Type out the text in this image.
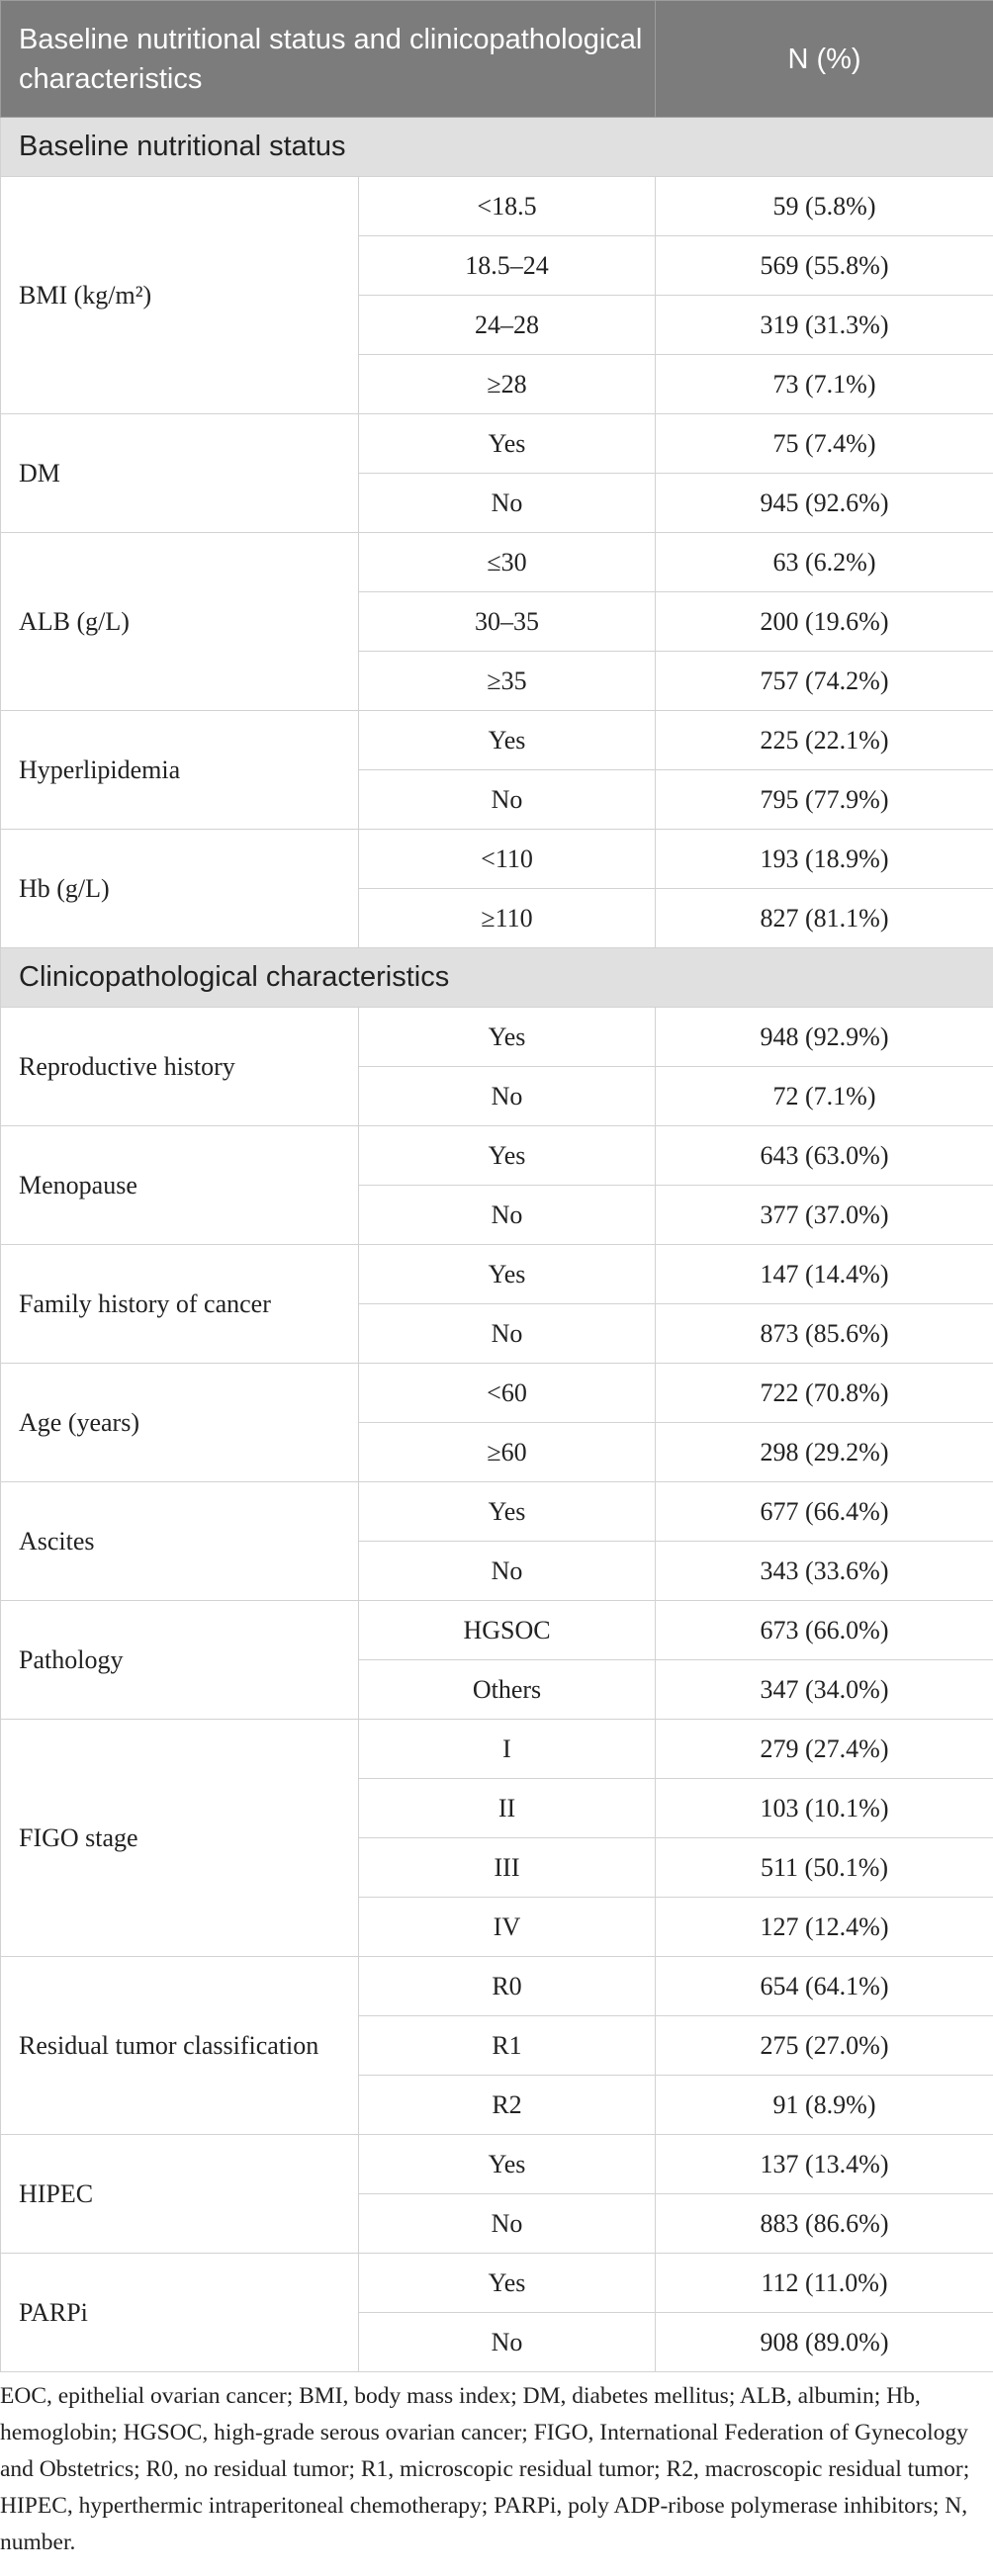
Baseline nutritional status and clinicopathological characteristics		N (%)
Baseline nutritional status		
BMI (kg/m²)	<18.5	59 (5.8%)
	18.5–24	569 (55.8%)
	24–28	319 (31.3%)
	≥28	73 (7.1%)
DM	Yes	75 (7.4%)
	No	945 (92.6%)
ALB (g/L)	≤30	63 (6.2%)
	30–35	200 (19.6%)
	≥35	757 (74.2%)
Hyperlipidemia	Yes	225 (22.1%)
	No	795 (77.9%)
Hb (g/L)	<110	193 (18.9%)
	≥110	827 (81.1%)
Clinicopathological characteristics		
Reproductive history	Yes	948 (92.9%)
	No	72 (7.1%)
Menopause	Yes	643 (63.0%)
	No	377 (37.0%)
Family history of cancer	Yes	147 (14.4%)
	No	873 (85.6%)
Age (years)	<60	722 (70.8%)
	≥60	298 (29.2%)
Ascites	Yes	677 (66.4%)
	No	343 (33.6%)
Pathology	HGSOC	673 (66.0%)
	Others	347 (34.0%)
FIGO stage	I	279 (27.4%)
	II	103 (10.1%)
	III	511 (50.1%)
	IV	127 (12.4%)
Residual tumor classification	R0	654 (64.1%)
	R1	275 (27.0%)
	R2	91 (8.9%)
HIPEC	Yes	137 (13.4%)
	No	883 (86.6%)
PARPi	Yes	112 (11.0%)
	No	908 (89.0%)

EOC, epithelial ovarian cancer; BMI, body mass index; DM, diabetes mellitus; ALB, albumin; Hb, hemoglobin; HGSOC, high-grade serous ovarian cancer; FIGO, International Federation of Gynecology and Obstetrics; R0, no residual tumor; R1, microscopic residual tumor; R2, macroscopic residual tumor; HIPEC, hyperthermic intraperitoneal chemotherapy; PARPi, poly ADP-ribose polymerase inhibitors; N, number.
